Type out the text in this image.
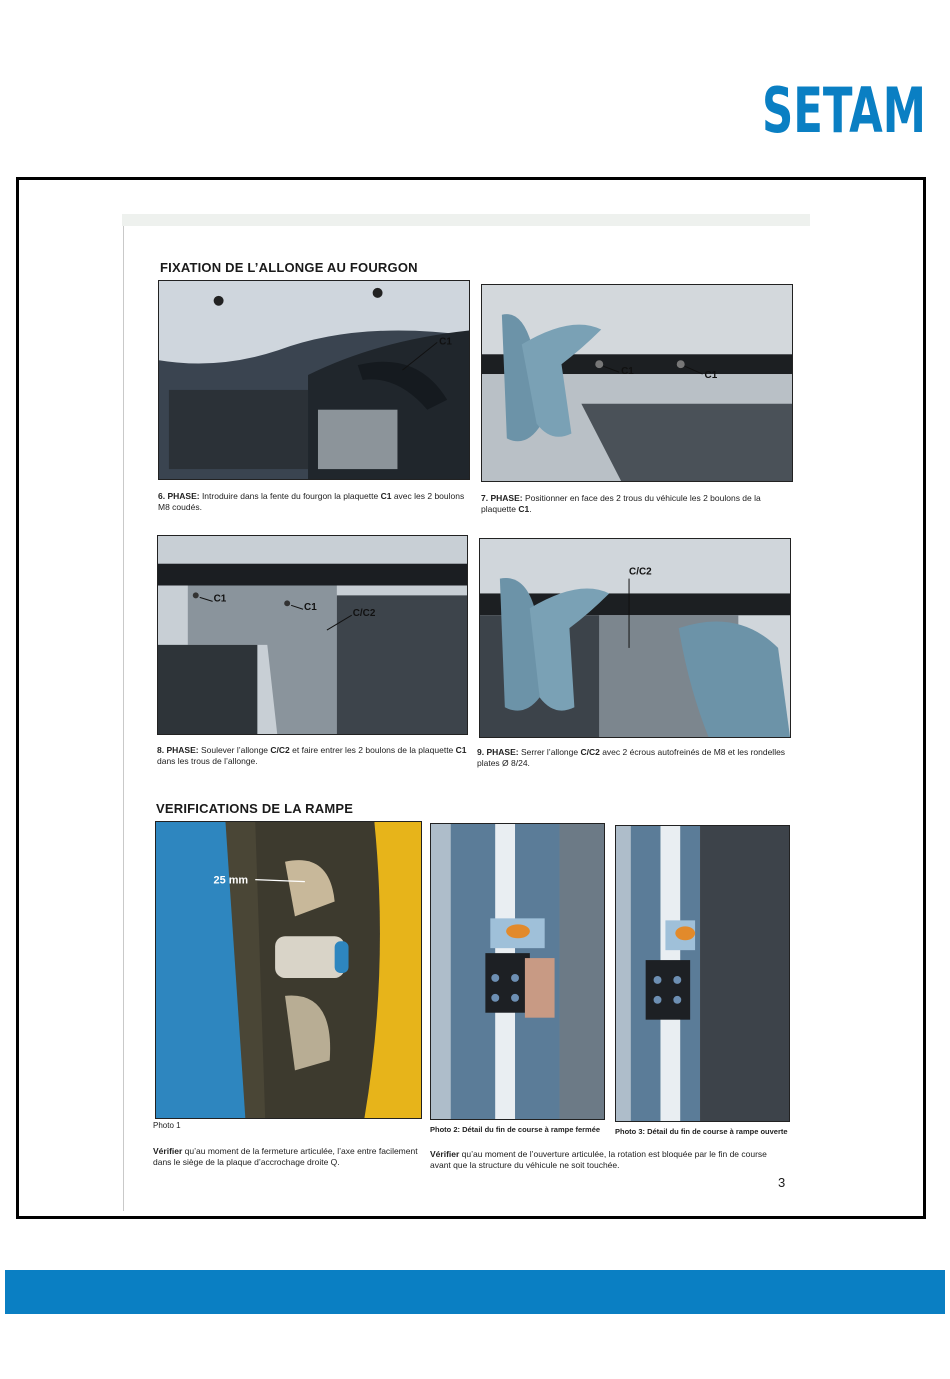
SETAM
FIXATION DE L’ALLONGE AU FOURGON
C1
C1	C1
6. PHASE: Introduire dans la fente du fourgon la plaquette C1 avec les 2 boulons M8 coudés.
7. PHASE: Positionner en face des 2 trous du véhicule les 2 boulons de la plaquette C1.
C1
C1
C/C2
C/C2
8. PHASE: Soulever l’allonge C/C2 et faire entrer les 2 boulons de la plaquette C1 dans les trous de l’allonge.
9. PHASE: Serrer l’allonge C/C2 avec 2 écrous autofreinés de M8 et les rondelles plates Ø 8/24.
VERIFICATIONS DE LA RAMPE
25 mm
Photo 1	Photo 2: Détail du fin de course à rampe fermée Photo 3: Détail du fin de course à rampe ouverte
Vérifier qu’au moment de la fermeture articulée, l’axe entre facilement dans le siège de la plaque d’accrochage droite Q.
Vérifier qu’au moment de l’ouverture articulée, la rotation est bloquée par le fin de course avant que la structure du véhicule ne soit touchée.
3
